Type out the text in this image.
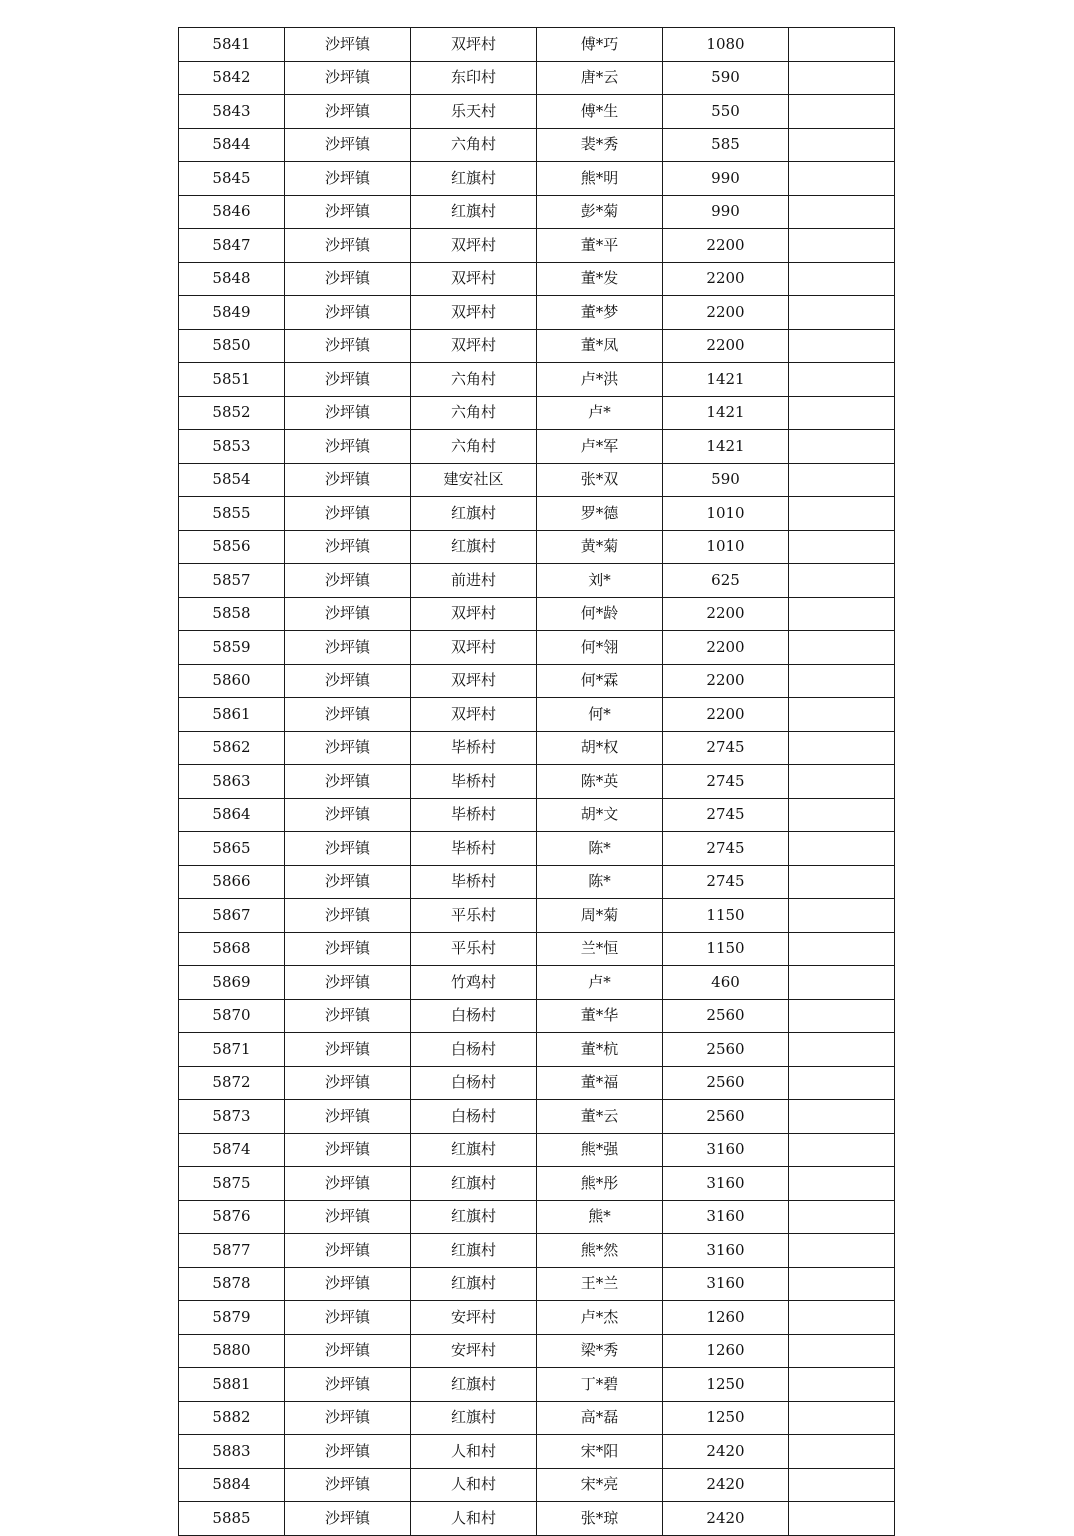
5841	沙坪镇	双坪村	傅*巧	1080	
5842	沙坪镇	东印村	唐*云	590	
5843	沙坪镇	乐天村	傅*生	550	
5844	沙坪镇	六角村	裴*秀	585	
5845	沙坪镇	红旗村	熊*明	990	
5846	沙坪镇	红旗村	彭*菊	990	
5847	沙坪镇	双坪村	董*平	2200	
5848	沙坪镇	双坪村	董*发	2200	
5849	沙坪镇	双坪村	董*梦	2200	
5850	沙坪镇	双坪村	董*凤	2200	
5851	沙坪镇	六角村	卢*洪	1421	
5852	沙坪镇	六角村	卢*	1421	
5853	沙坪镇	六角村	卢*军	1421	
5854	沙坪镇	建安社区	张*双	590	
5855	沙坪镇	红旗村	罗*德	1010	
5856	沙坪镇	红旗村	黄*菊	1010	
5857	沙坪镇	前进村	刘*	625	
5858	沙坪镇	双坪村	何*龄	2200	
5859	沙坪镇	双坪村	何*翎	2200	
5860	沙坪镇	双坪村	何*霖	2200	
5861	沙坪镇	双坪村	何*	2200	
5862	沙坪镇	毕桥村	胡*权	2745	
5863	沙坪镇	毕桥村	陈*英	2745	
5864	沙坪镇	毕桥村	胡*文	2745	
5865	沙坪镇	毕桥村	陈*	2745	
5866	沙坪镇	毕桥村	陈*	2745	
5867	沙坪镇	平乐村	周*菊	1150	
5868	沙坪镇	平乐村	兰*恒	1150	
5869	沙坪镇	竹鸡村	卢*	460	
5870	沙坪镇	白杨村	董*华	2560	
5871	沙坪镇	白杨村	董*杭	2560	
5872	沙坪镇	白杨村	董*福	2560	
5873	沙坪镇	白杨村	董*云	2560	
5874	沙坪镇	红旗村	熊*强	3160	
5875	沙坪镇	红旗村	熊*彤	3160	
5876	沙坪镇	红旗村	熊*	3160	
5877	沙坪镇	红旗村	熊*然	3160	
5878	沙坪镇	红旗村	王*兰	3160	
5879	沙坪镇	安坪村	卢*杰	1260	
5880	沙坪镇	安坪村	梁*秀	1260	
5881	沙坪镇	红旗村	丁*碧	1250	
5882	沙坪镇	红旗村	高*磊	1250	
5883	沙坪镇	人和村	宋*阳	2420	
5884	沙坪镇	人和村	宋*亮	2420	
5885	沙坪镇	人和村	张*琼	2420	
